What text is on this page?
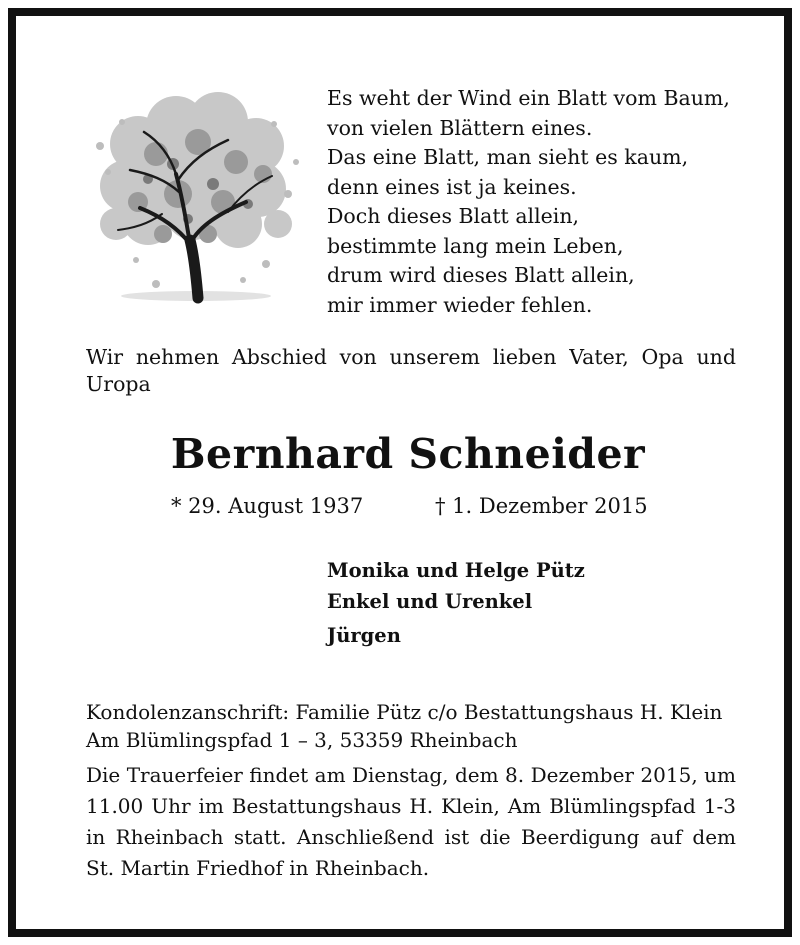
Es weht der Wind ein Blatt vom Baum,
von vielen Blättern eines.
Das eine Blatt, man sieht es kaum,
denn eines ist ja keines.
Doch dieses Blatt allein,
bestimmte lang mein Leben,
drum wird dieses Blatt allein,
mir immer wieder fehlen.
Wir nehmen Abschied von unserem lieben Vater, Opa und Uropa
Bernhard Schneider
* 29. August 1937	† 1. Dezember 2015
Monika und Helge Pütz
Enkel und Urenkel
Jürgen
Kondolenzanschrift: Familie Pütz c/o Bestattungshaus H. Klein
Am Blümlingspfad 1 – 3, 53359 Rheinbach
Die Trauerfeier findet am Dienstag, dem 8. Dezember 2015, um 11.00 Uhr im Bestattungshaus H. Klein, Am Blümlingspfad 1-3 in Rheinbach statt. Anschließend ist die Beerdigung auf dem St. Martin Friedhof in Rheinbach.
